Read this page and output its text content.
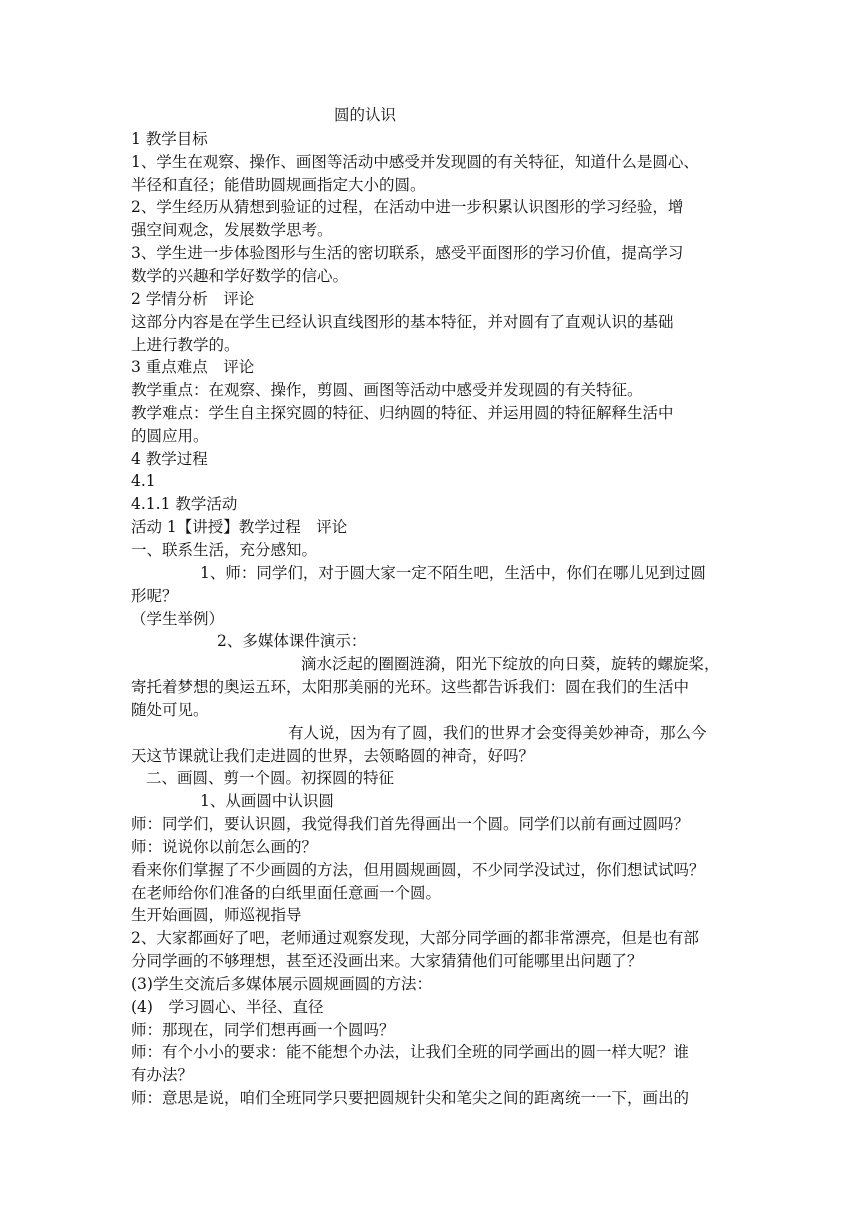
圆的认识
1 教学目标
1、学生在观察、操作、画图等活动中感受并发现圆的有关特征，知道什么是圆心、
半径和直径；能借助圆规画指定大小的圆。
2、学生经历从猜想到验证的过程，在活动中进一步积累认识图形的学习经验，增
强空间观念，发展数学思考。
3、学生进一步体验图形与生活的密切联系，感受平面图形的学习价值，提高学习
数学的兴趣和学好数学的信心。
2 学情分析　评论
这部分内容是在学生已经认识直线图形的基本特征，并对圆有了直观认识的基础
上进行教学的。
3 重点难点　评论
教学重点：在观察、操作，剪圆、画图等活动中感受并发现圆的有关特征。
教学难点：学生自主探究圆的特征、归纳圆的特征、并运用圆的特征解释生活中
的圆应用。
4 教学过程
4.1
4.1.1 教学活动
活动 1【讲授】教学过程　评论
一、联系生活，充分感知。
1、师：同学们，对于圆大家一定不陌生吧，生活中，你们在哪儿见到过圆
形呢？
（学生举例）
2、多媒体课件演示：
滴水泛起的圈圈涟漪，阳光下绽放的向日葵，旋转的螺旋桨，
寄托着梦想的奥运五环，太阳那美丽的光环。这些都告诉我们：圆在我们的生活中
随处可见。
有人说，因为有了圆，我们的世界才会变得美妙神奇，那么今
天这节课就让我们走进圆的世界，去领略圆的神奇，好吗？
二、画圆、剪一个圆。初探圆的特征
1、从画圆中认识圆
师：同学们，要认识圆，我觉得我们首先得画出一个圆。同学们以前有画过圆吗？
师：说说你以前怎么画的？
看来你们掌握了不少画圆的方法，但用圆规画圆，不少同学没试过，你们想试试吗？
在老师给你们准备的白纸里面任意画一个圆。
生开始画圆，师巡视指导
2、大家都画好了吧，老师通过观察发现，大部分同学画的都非常漂亮，但是也有部
分同学画的不够理想，甚至还没画出来。大家猜猜他们可能哪里出问题了？
(3)学生交流后多媒体展示圆规画圆的方法：
(4)　学习圆心、半径、直径
师：那现在，同学们想再画一个圆吗？
师：有个小小的要求：能不能想个办法，让我们全班的同学画出的圆一样大呢？谁
有办法？
师：意思是说，咱们全班同学只要把圆规针尖和笔尖之间的距离统一一下，画出的
